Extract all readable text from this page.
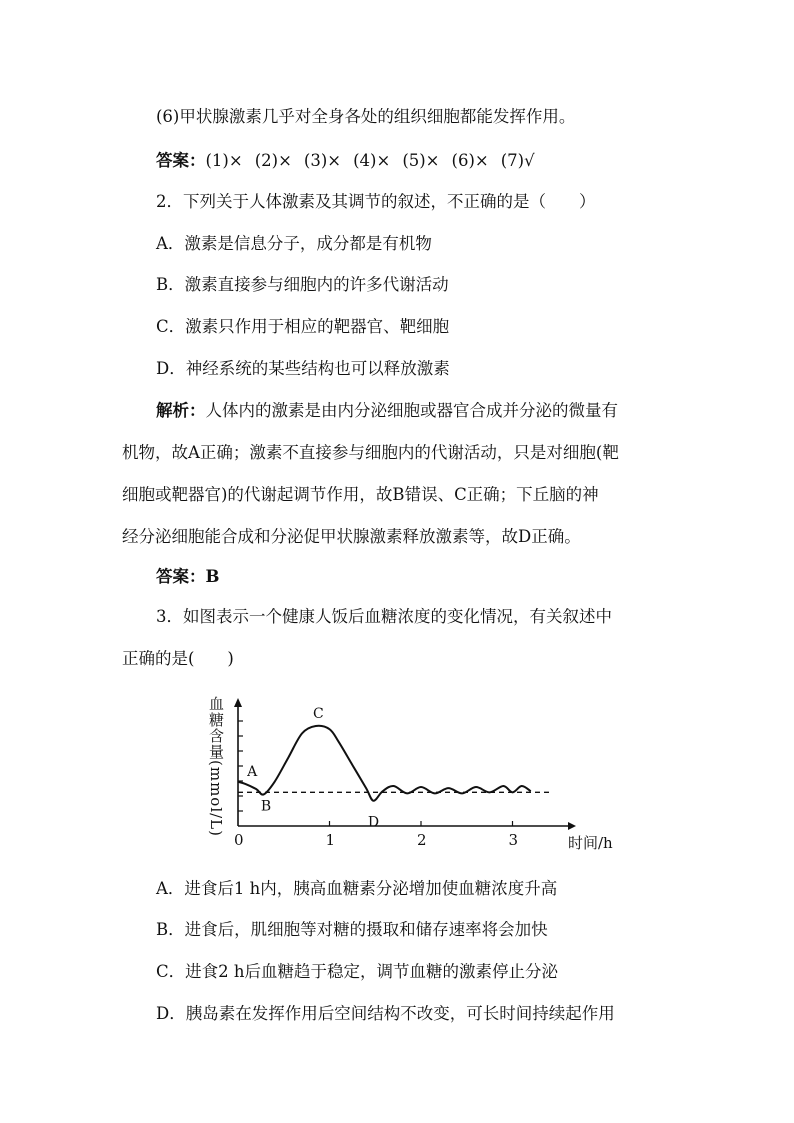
(6)甲状腺激素几乎对全身各处的组织细胞都能发挥作用。
答案：(1)× (2)× (3)× (4)× (5)× (6)× (7)√
2．下列关于人体激素及其调节的叙述，不正确的是（　　）
A．激素是信息分子，成分都是有机物
B．激素直接参与细胞内的许多代谢活动
C．激素只作用于相应的靶器官、靶细胞
D．神经系统的某些结构也可以释放激素
解析：人体内的激素是由内分泌细胞或器官合成并分泌的微量有
机物，故A正确；激素不直接参与细胞内的代谢活动，只是对细胞(靶
细胞或靶器官)的代谢起调节作用，故B错误、C正确；下丘脑的神
经分泌细胞能合成和分泌促甲状腺激素释放激素等，故D正确。
答案：B
3．如图表示一个健康人饭后血糖浓度的变化情况，有关叙述中
正确的是(　　)
0	1	2	3
血糖含量(mmol/L)
时间/h
A
B
C
D
A．进食后1 h内，胰高血糖素分泌增加使血糖浓度升高
B．进食后，肌细胞等对糖的摄取和储存速率将会加快
C．进食2 h后血糖趋于稳定，调节血糖的激素停止分泌
D．胰岛素在发挥作用后空间结构不改变，可长时间持续起作用
